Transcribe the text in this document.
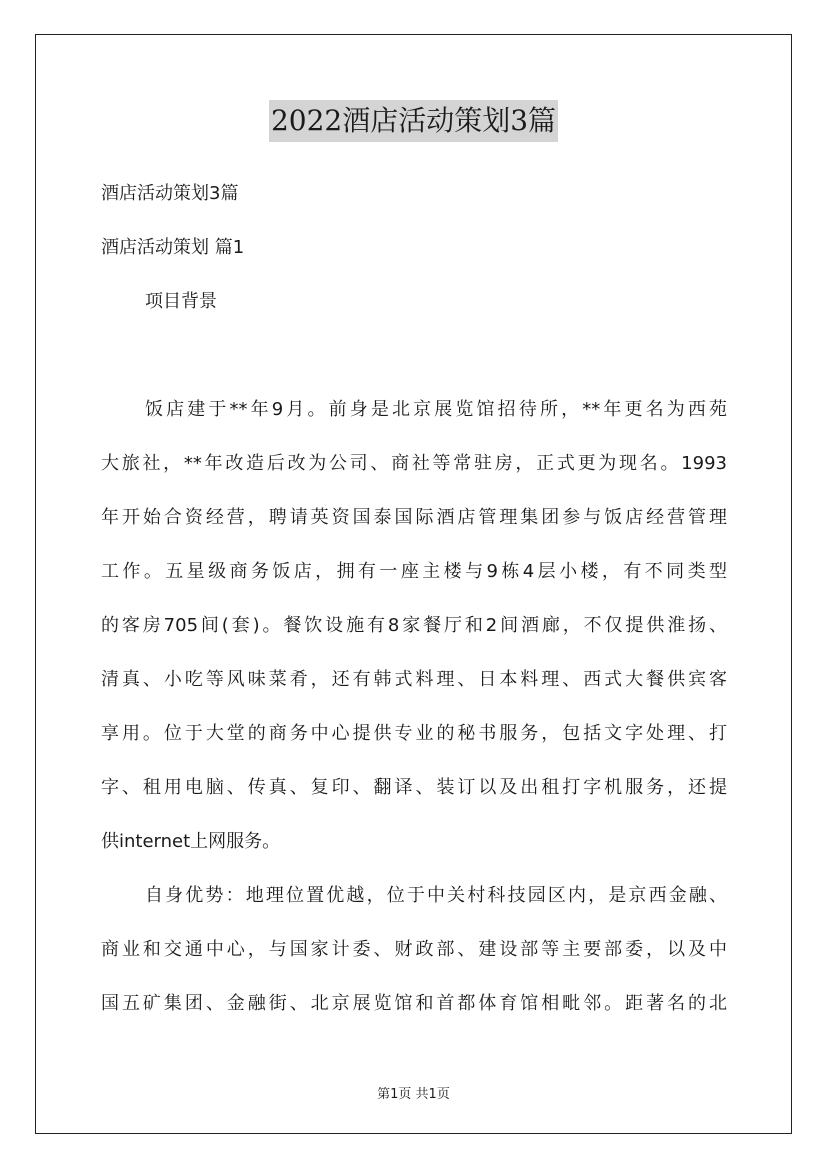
2022酒店活动策划3篇
酒店活动策划3篇
酒店活动策划 篇1
项目背景
饭店建于**年9月。前身是北京展览馆招待所，**年更名为西苑
大旅社，**年改造后改为公司、商社等常驻房，正式更为现名。1993
年开始合资经营，聘请英资国泰国际酒店管理集团参与饭店经营管理
工作。五星级商务饭店，拥有一座主楼与9栋4层小楼，有不同类型
的客房705间(套)。餐饮设施有8家餐厅和2间酒廊，不仅提供淮扬、
清真、小吃等风味菜肴，还有韩式料理、日本料理、西式大餐供宾客
享用。位于大堂的商务中心提供专业的秘书服务，包括文字处理、打
字、租用电脑、传真、复印、翻译、装订以及出租打字机服务，还提
供internet上网服务。
自身优势：地理位置优越，位于中关村科技园区内，是京西金融、
商业和交通中心，与国家计委、财政部、建设部等主要部委，以及中
国五矿集团、金融街、北京展览馆和首都体育馆相毗邻。距著名的北
第1页 共1页
